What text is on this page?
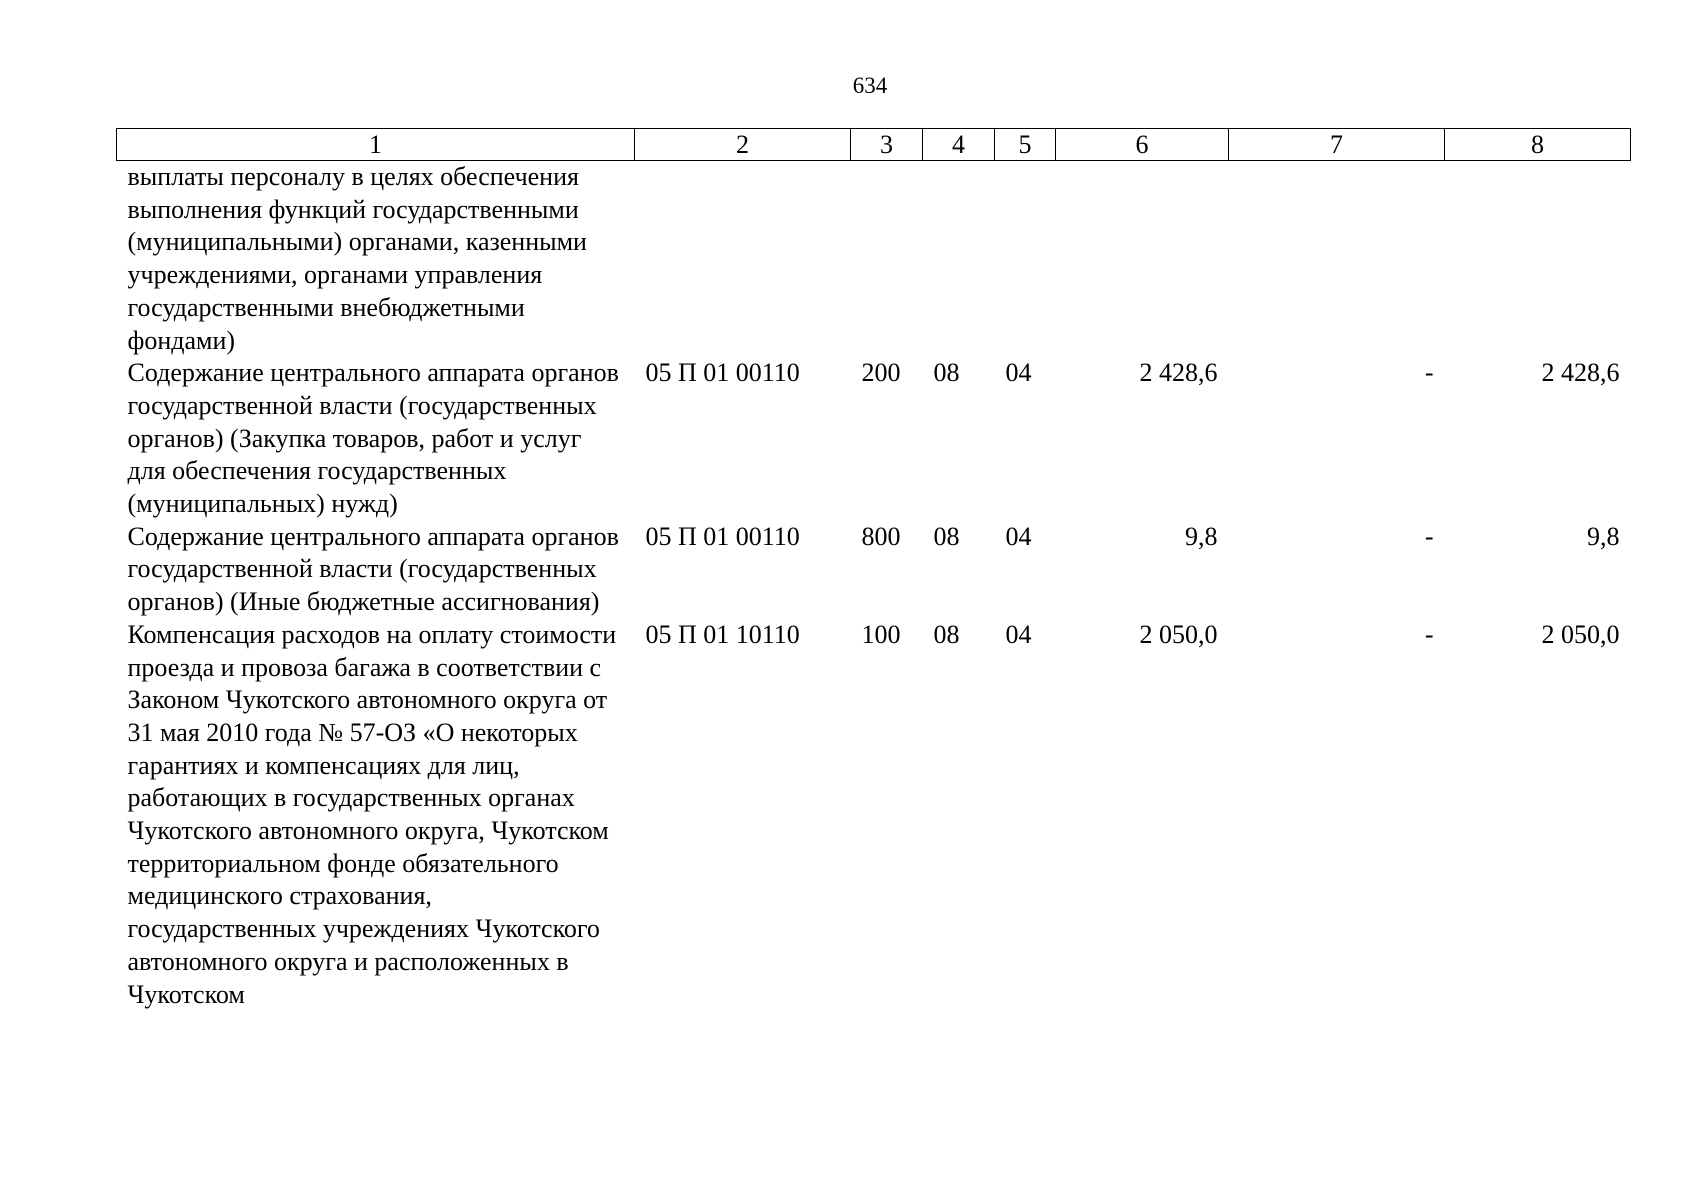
634
1	2	3	4	5	6	7	8
выплаты персоналу в целях обеспечения выполнения функций государственными (муниципальными) органами, казенными учреждениями, органами управления государственными внебюджетными фондами)							
Содержание центрального аппарата органов государственной власти (государственных органов) (Закупка товаров, работ и услуг для обеспечения государственных (муниципальных) нужд)	05 П 01 00110	200	08	04	2 428,6	-	2 428,6
Содержание центрального аппарата органов государственной власти (государственных органов) (Иные бюджетные ассигнования)	05 П 01 00110	800	08	04	9,8	-	9,8
Компенсация расходов на оплату стоимости проезда и провоза багажа в соответствии с Законом Чукотского автономного округа от 31 мая 2010 года № 57-ОЗ «О некоторых гарантиях и компенсациях для лиц, работающих в государственных органах Чукотского автономного округа, Чукотском территориальном фонде обязательного медицинского страхования, государственных учреждениях Чукотского автономного округа и расположенных в Чукотском	05 П 01 10110	100	08	04	2 050,0	-	2 050,0
